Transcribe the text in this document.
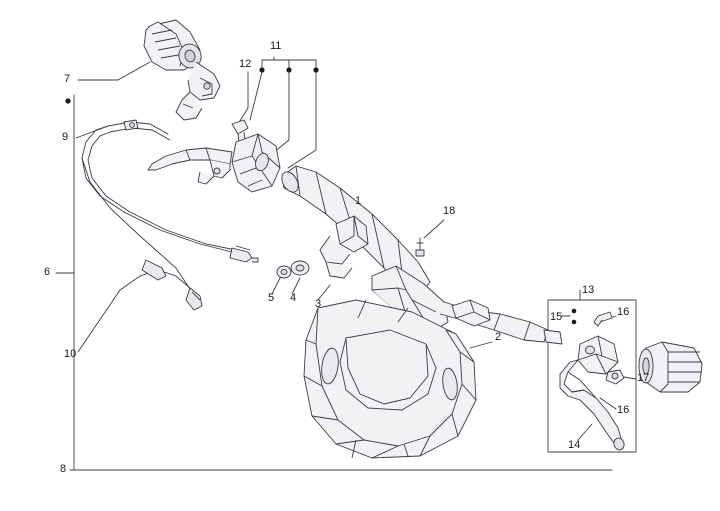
1
2
3
4
5
6
7
8
9
10
11
12
13
14
15	16
16
17
18
